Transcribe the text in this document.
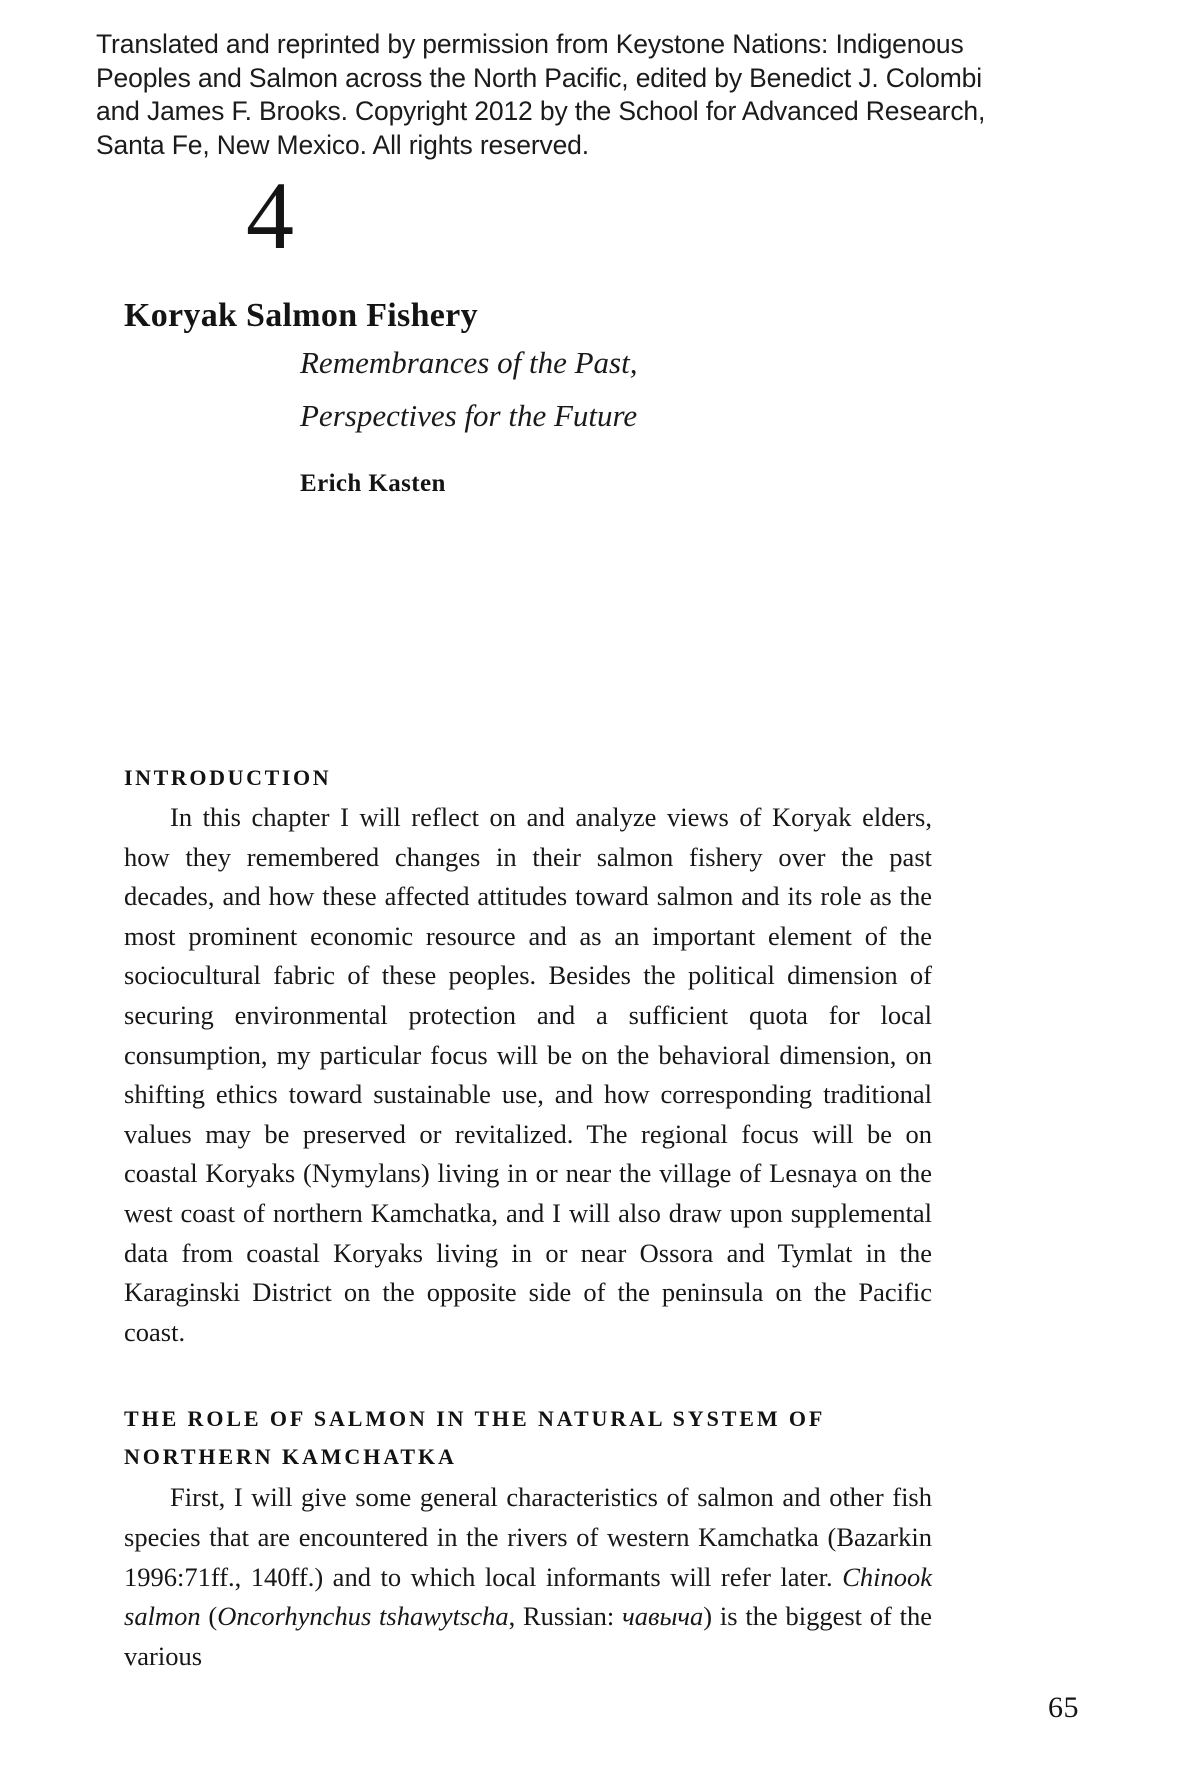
Translated and reprinted by permission from Keystone Nations: Indigenous Peoples and Salmon across the North Pacific, edited by Benedict J. Colombi and James F. Brooks. Copyright 2012 by the School for Advanced Research, Santa Fe, New Mexico. All rights reserved.
4
Koryak Salmon Fishery
Remembrances of the Past,
Perspectives for the Future
Erich Kasten
INTRODUCTION

In this chapter I will reflect on and analyze views of Koryak elders, how they remembered changes in their salmon fishery over the past decades, and how these affected attitudes toward salmon and its role as the most prominent economic resource and as an important element of the sociocultural fabric of these peoples. Besides the political dimension of securing environmental protection and a sufficient quota for local consumption, my particular focus will be on the behavioral dimension, on shifting ethics toward sustainable use, and how corresponding traditional values may be preserved or revitalized. The regional focus will be on coastal Koryaks (Nymylans) living in or near the village of Lesnaya on the west coast of northern Kamchatka, and I will also draw upon supplemental data from coastal Koryaks living in or near Ossora and Tymlat in the Karaginski District on the opposite side of the peninsula on the Pacific coast.

THE ROLE OF SALMON IN THE NATURAL SYSTEM OF NORTHERN KAMCHATKA

First, I will give some general characteristics of salmon and other fish species that are encountered in the rivers of western Kamchatka (Bazarkin 1996:71ff., 140ff.) and to which local informants will refer later. Chinook salmon (Oncorhynchus tshawytscha, Russian: чавыча) is the biggest of the various

65
